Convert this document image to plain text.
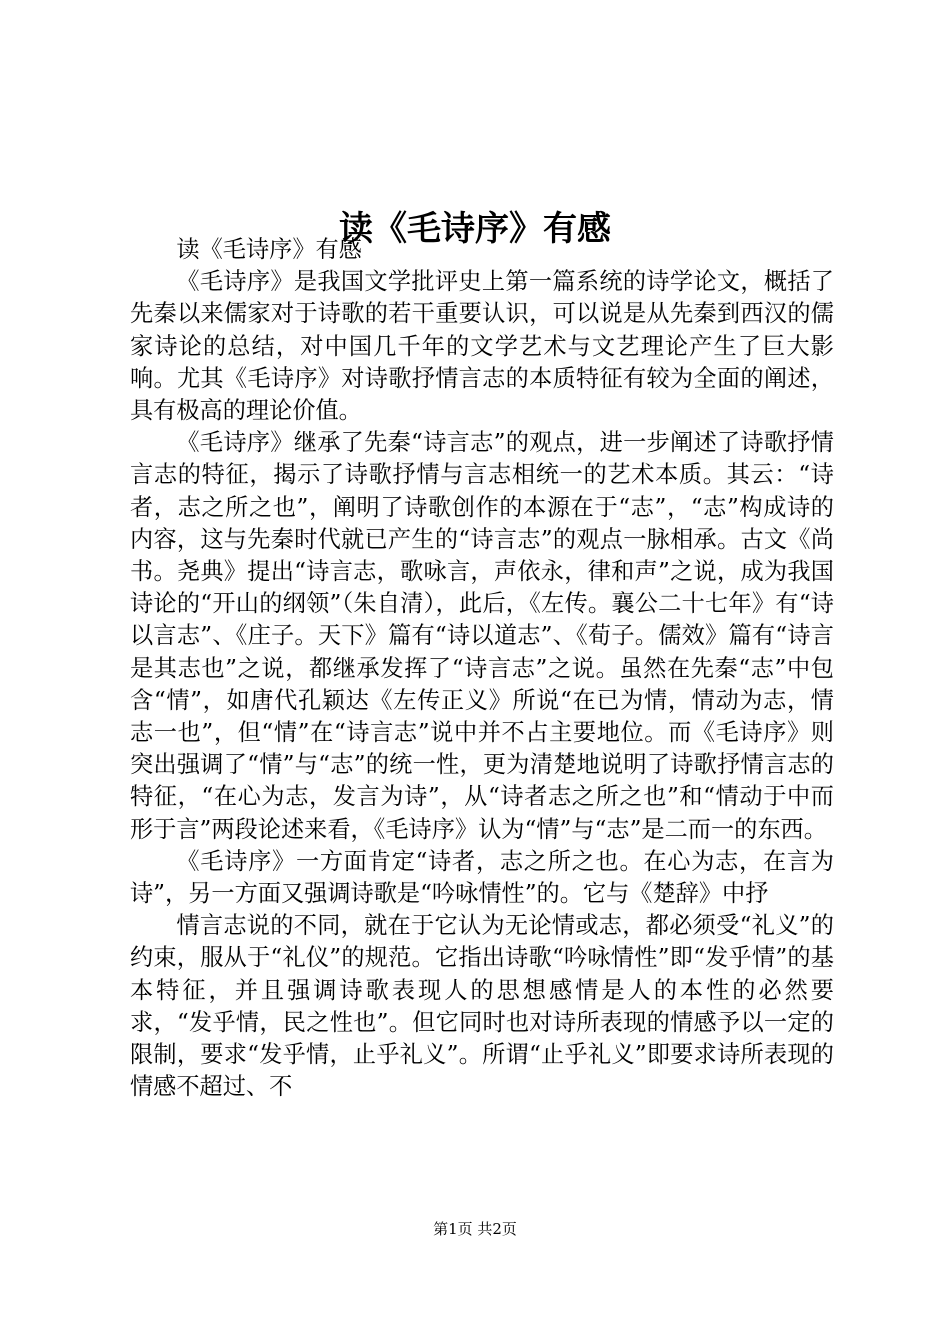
读《毛诗序》有感

读《毛诗序》有感

《毛诗序》是我国文学批评史上第一篇系统的诗学论文，概括了先秦以来儒家对于诗歌的若干重要认识，可以说是从先秦到西汉的儒家诗论的总结，对中国几千年的文学艺术与文艺理论产生了巨大影响。尤其《毛诗序》对诗歌抒情言志的本质特征有较为全面的阐述，具有极高的理论价值。

《毛诗序》继承了先秦“诗言志”的观点，进一步阐述了诗歌抒情言志的特征，揭示了诗歌抒情与言志相统一的艺术本质。其云：“诗者，志之所之也”，阐明了诗歌创作的本源在于“志”，“志”构成诗的内容，这与先秦时代就已产生的“诗言志”的观点一脉相承。古文《尚书。尧典》提出“诗言志，歌咏言，声依永，律和声”之说，成为我国诗论的“开山的纲领”（朱自清），此后，《左传。襄公二十七年》有“诗以言志”、《庄子。天下》篇有“诗以道志”、《荀子。儒效》篇有“诗言是其志也”之说，都继承发挥了“诗言志”之说。虽然在先秦“志”中包含“情”，如唐代孔颖达《左传正义》所说“在已为情，情动为志，情志一也”，但“情”在“诗言志”说中并不占主要地位。而《毛诗序》则突出强调了“情”与“志”的统一性，更为清楚地说明了诗歌抒情言志的特征，“在心为志，发言为诗”，从“诗者志之所之也”和“情动于中而形于言”两段论述来看，《毛诗序》认为“情”与“志”是二而一的东西。

《毛诗序》一方面肯定“诗者，志之所之也。在心为志，在言为诗”，另一方面又强调诗歌是“吟咏情性”的。它与《楚辞》中抒

情言志说的不同，就在于它认为无论情或志，都必须受“礼义”的约束，服从于“礼仪”的规范。它指出诗歌“吟咏情性”即“发乎情”的基本特征，并且强调诗歌表现人的思想感情是人的本性的必然要求，“发乎情，民之性也”。但它同时也对诗所表现的情感予以一定的限制，要求“发乎情，止乎礼义”。所谓“止乎礼义”即要求诗所表现的情感不超过、不

第1页 共2页
